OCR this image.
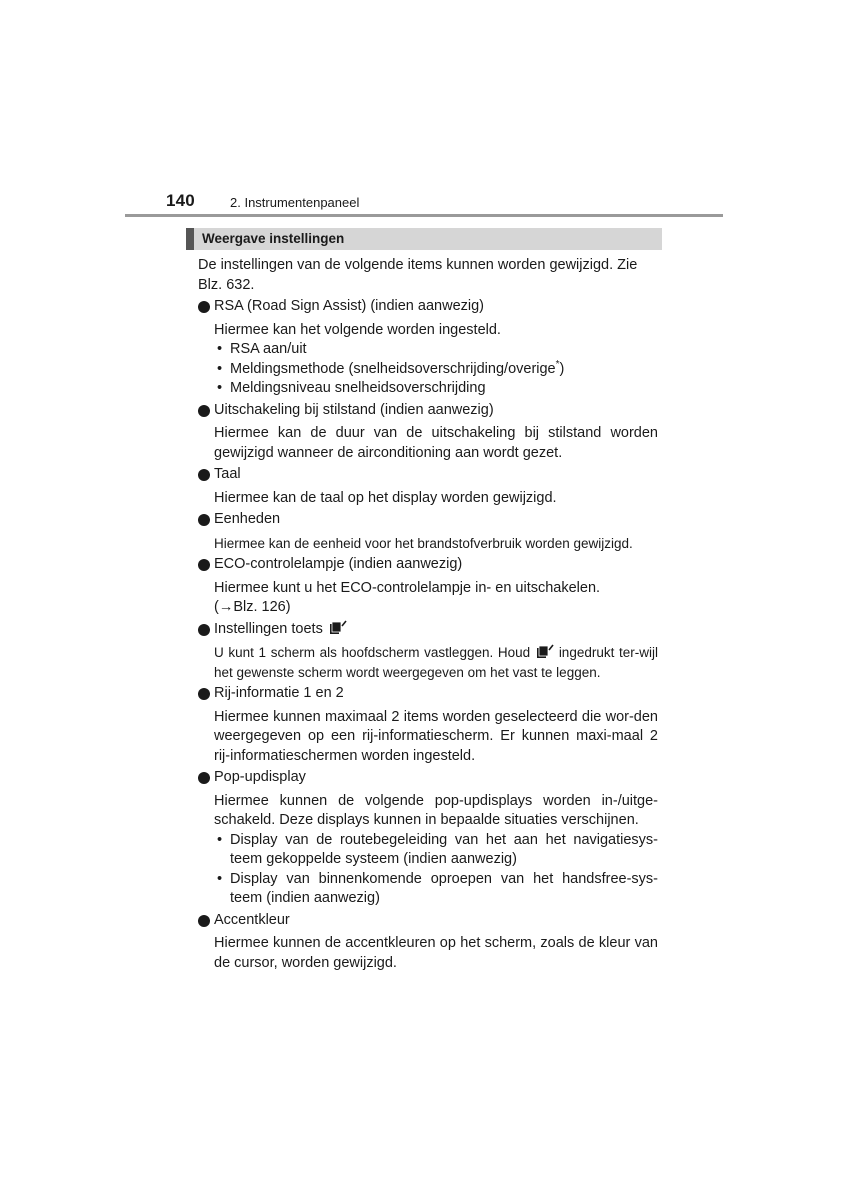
140	2. Instrumentenpaneel
Weergave instellingen

De instellingen van de volgende items kunnen worden gewijzigd. Zie Blz. 632.

RSA (Road Sign Assist) (indien aanwezig)
Hiermee kan het volgende worden ingesteld.
• RSA aan/uit
• Meldingsmethode (snelheidsoverschrijding/overige*)
• Meldingsniveau snelheidsoverschrijding
Uitschakeling bij stilstand (indien aanwezig)
Hiermee kan de duur van de uitschakeling bij stilstand worden gewijzigd wanneer de airconditioning aan wordt gezet.
Taal
Hiermee kan de taal op het display worden gewijzigd.
Eenheden
Hiermee kan de eenheid voor het brandstofverbruik worden gewijzigd.
ECO-controlelampje (indien aanwezig)
Hiermee kunt u het ECO-controlelampje in- en uitschakelen.
(→Blz. 126)
Instellingen toets
U kunt 1 scherm als hoofdscherm vastleggen. Houd ingedrukt ter-wijl het gewenste scherm wordt weergegeven om het vast te leggen.
Rij-informatie 1 en 2
Hiermee kunnen maximaal 2 items worden geselecteerd die wor-den weergegeven op een rij-informatiescherm. Er kunnen maxi-maal 2 rij-informatieschermen worden ingesteld.
Pop-updisplay
Hiermee kunnen de volgende pop-updisplays worden in-/uitge-schakeld. Deze displays kunnen in bepaalde situaties verschijnen.
• Display van de routebegeleiding van het aan het navigatiesys-teem gekoppelde systeem (indien aanwezig)
• Display van binnenkomende oproepen van het handsfree-sys-teem (indien aanwezig)
Accentkleur
Hiermee kunnen de accentkleuren op het scherm, zoals de kleur van de cursor, worden gewijzigd.
